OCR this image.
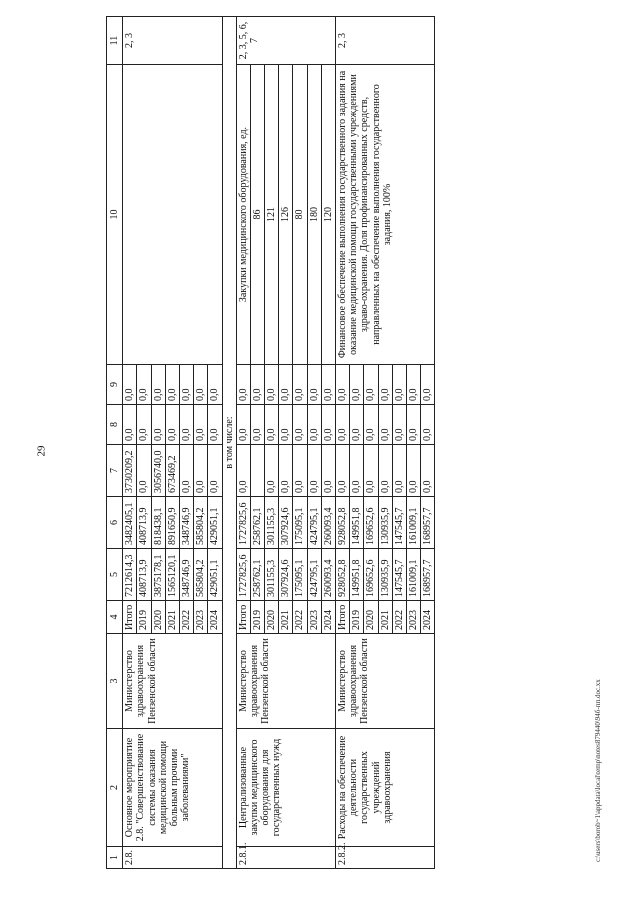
29
1	2	3	4	5	6	7	8	9	10	11
2.8.	Основное мероприятие 2.8. "Совершенствование системы оказания медицинской помощи больным прочими заболеваниями"	Министерство здравоохранения Пензенской области	Итого	7212614,3	3482405,1	3730209,2	0,0	0,0		2, 3
			2019	408713,9	408713,9	0,0	0,0	0,0		
			2020	3875178,1	818438,1	3056740,0	0,0	0,0		
			2021	1565120,1	891650,9	673469,2	0,0	0,0		
			2022	348746,9	348746,9	0,0	0,0	0,0		
			2023	585804,2	585804,2	0,0	0,0	0,0		
			2024	429051,1	429051,1	0,0	0,0	0,0		
в том числе:										
2.8.1.	Централизованные закупки медицинского оборудования для государственных нужд	Министерство здравоохранения Пензенской области	Итого	1727825,6	1727825,6	0,0	0,0	0,0	Закупки медицинского оборудования, ед.	2, 3, 5, 6, 7
			2019	258762,1	258762,1		0,0	0,0	86	
			2020	301155,3	301155,3	0,0	0,0	0,0	121	
			2021	307924,6	307924,6	0,0	0,0	0,0	126	
			2022	175095,1	175095,1	0,0	0,0	0,0	80	
			2023	424795,1	424795,1	0,0	0,0	0,0	180	
			2024	260093,4	260093,4	0,0	0,0	0,0	120	
2.8.2.	Расходы на обеспечение деятельности государственных учреждений здравоохранения	Министерство здравоохранения Пензенской области	Итого	928052,8	928052,8	0,0	0,0	0,0	Финансовое обеспечение выполнения государственного задания на оказание медицинской помощи государственными учреждениями здраво-охранения. Доля профинансированных средств, направленных на обеспечение выполнения государственного задания, 100%	2, 3
			2019	149951,8	149951,8	0,0	0,0	0,0		
			2020	169652,6	169652,6	0,0	0,0	0,0		
			2021	130935,9	130935,9	0,0	0,0	0,0		
			2022	147545,7	147545,7	0,0	0,0	0,0		
			2023	161009,1	161009,1	0,0	0,0	0,0		
			2024	168957,7	168957,7	0,0	0,0	0,0		
c:\users\borob~1\appdata\local\temp\notes879440\94б-пп.doc.хх
